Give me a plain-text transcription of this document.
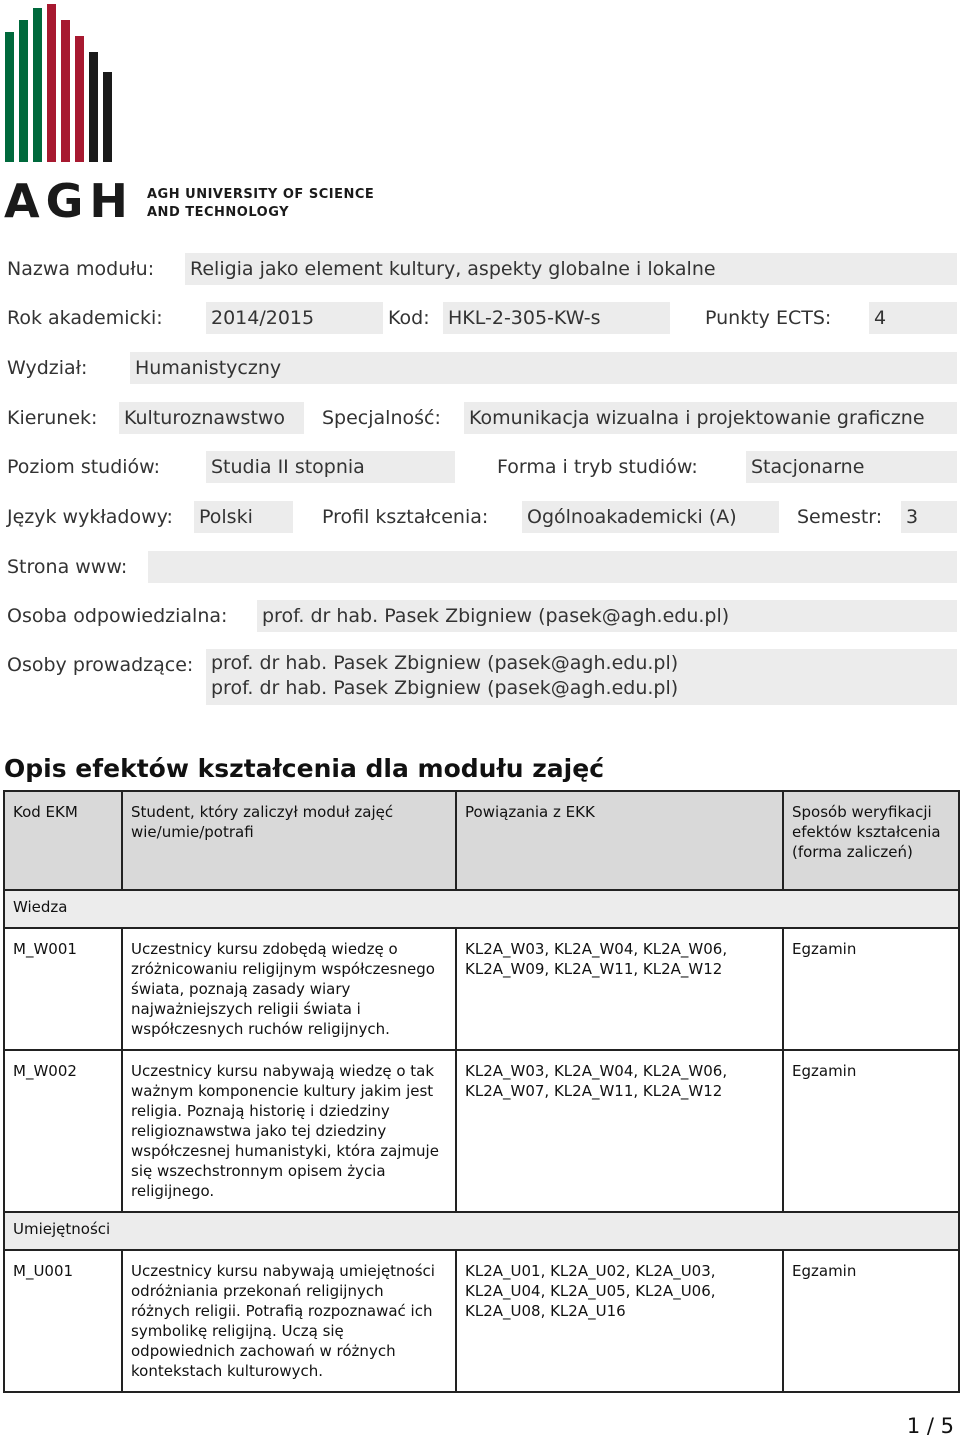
AGH AGH UNIVERSITY OF SCIENCE
AND TECHNOLOGY
Nazwa modułu: Religia jako element kultury, aspekty globalne i lokalne
Rok akademicki:	2014/2015	Kod: HKL-2-305-KW-s	Punkty ECTS: 4
Wydział:	Humanistyczny
Kierunek: Kulturoznawstwo	Specjalność: Komunikacja wizualna i projektowanie graficzne
Poziom studiów:	Studia II stopnia	Forma i tryb studiów:	Stacjonarne
Język wykładowy: Polski	Profil kształcenia: Ogólnoakademicki (A)	Semestr: 3
Strona www:
Osoba odpowiedzialna: prof. dr hab. Pasek Zbigniew (pasek@agh.edu.pl)
Osoby prowadzące: prof. dr hab. Pasek Zbigniew (pasek@agh.edu.pl)
prof. dr hab. Pasek Zbigniew (pasek@agh.edu.pl)
Opis efektów kształcenia dla modułu zajęć
Kod EKM	Student, który zaliczył moduł zajęć wie/umie/potrafi	Powiązania z EKK	Sposób weryfikacji efektów kształcenia (forma zaliczeń)
Wiedza			
M_W001	Uczestnicy kursu zdobędą wiedzę o zróżnicowaniu religijnym współczesnego świata, poznają zasady wiary najważniejszych religii świata i współczesnych ruchów religijnych.	KL2A_W03, KL2A_W04, KL2A_W06, KL2A_W09, KL2A_W11, KL2A_W12	Egzamin
M_W002	Uczestnicy kursu nabywają wiedzę o tak ważnym komponencie kultury jakim jest religia. Poznają historię i dziedziny religioznawstwa jako tej dziedziny współczesnej humanistyki, która zajmuje się wszechstronnym opisem życia religijnego.	KL2A_W03, KL2A_W04, KL2A_W06, KL2A_W07, KL2A_W11, KL2A_W12	Egzamin
Umiejętności			
M_U001	Uczestnicy kursu nabywają umiejętności odróżniania przekonań religijnych różnych religii. Potrafią rozpoznawać ich symbolikę religijną. Uczą się odpowiednich zachowań w różnych kontekstach kulturowych.	KL2A_U01, KL2A_U02, KL2A_U03, KL2A_U04, KL2A_U05, KL2A_U06, KL2A_U08, KL2A_U16	Egzamin
1 / 5
